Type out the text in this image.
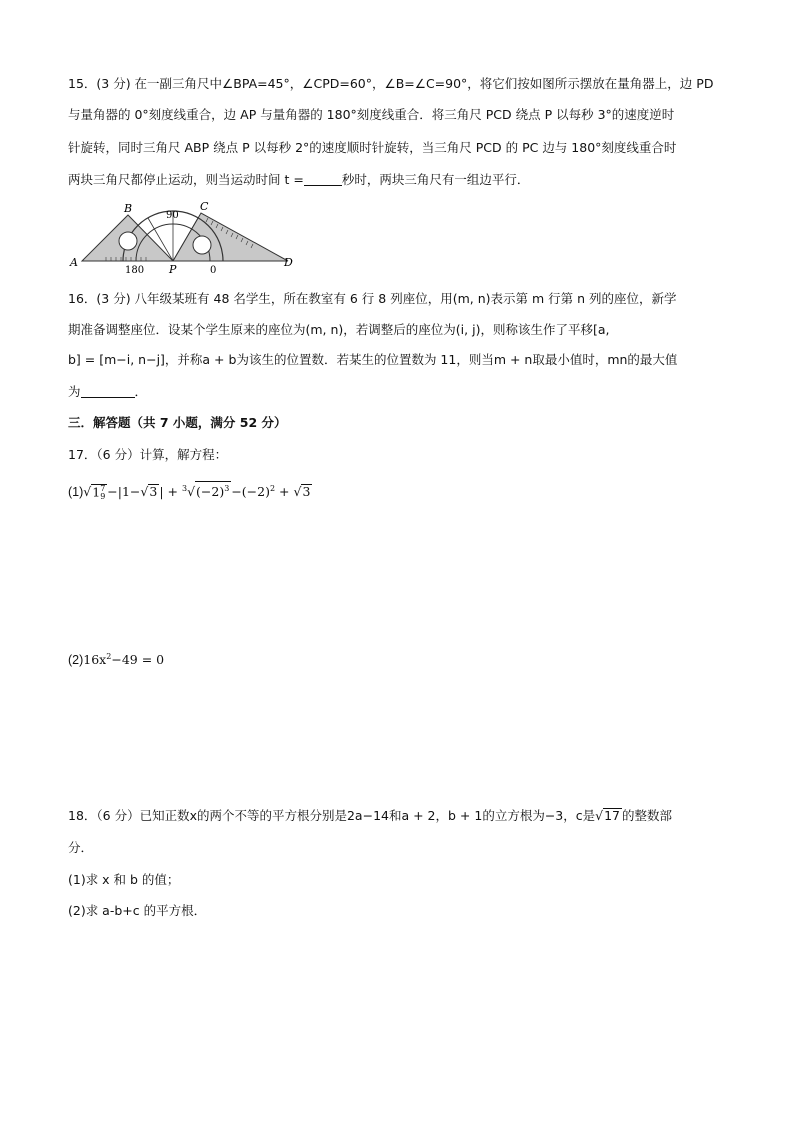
15．(3 分) 在一副三角尺中∠BPA=45°，∠CPD=60°，∠B=∠C=90°，将它们按如图所示摆放在量角器上，边 PD
与量角器的 0°刻度线重合，边 AP 与量角器的 180°刻度线重合．将三角尺 PCD 绕点 P 以每秒 3°的速度逆时
针旋转，同时三角尺 ABP 绕点 P 以每秒 2°的速度顺时针旋转，当三角尺 PCD 的 PC 边与 180°刻度线重合时
两块三角尺都停止运动，则当运动时间 t =	秒时，两块三角尺有一组边平行．
A
B	C
D
P
90
180	0
16．(3 分) 八年级某班有 48 名学生，所在教室有 6 行 8 列座位，用(m, n)表示第 m 行第 n 列的座位，新学
期准备调整座位．设某个学生原来的座位为(m, n)，若调整后的座位为(i, j)，则称该生作了平移[a,
b] = [m−i, n−j]，并称a + b为该生的位置数．若某生的位置数为 11，则当m + n取最小值时，mn的最大值
为	．
三．解答题（共 7 小题，满分 52 分）
17．（6 分）计算，解方程：
(1)√1 7
9 −|1−√3 | + $^3√(-2)^3 -(-2)^2 + √3$
$(2)16x^2-49 = 0$
18．（6 分）已知正数x的两个不等的平方根分别是2a−14和a + 2，b + 1的立方根为−3，c是√17 的整数部
分．
(1)求 x 和 b 的值；
(2)求 a-b+c 的平方根．
